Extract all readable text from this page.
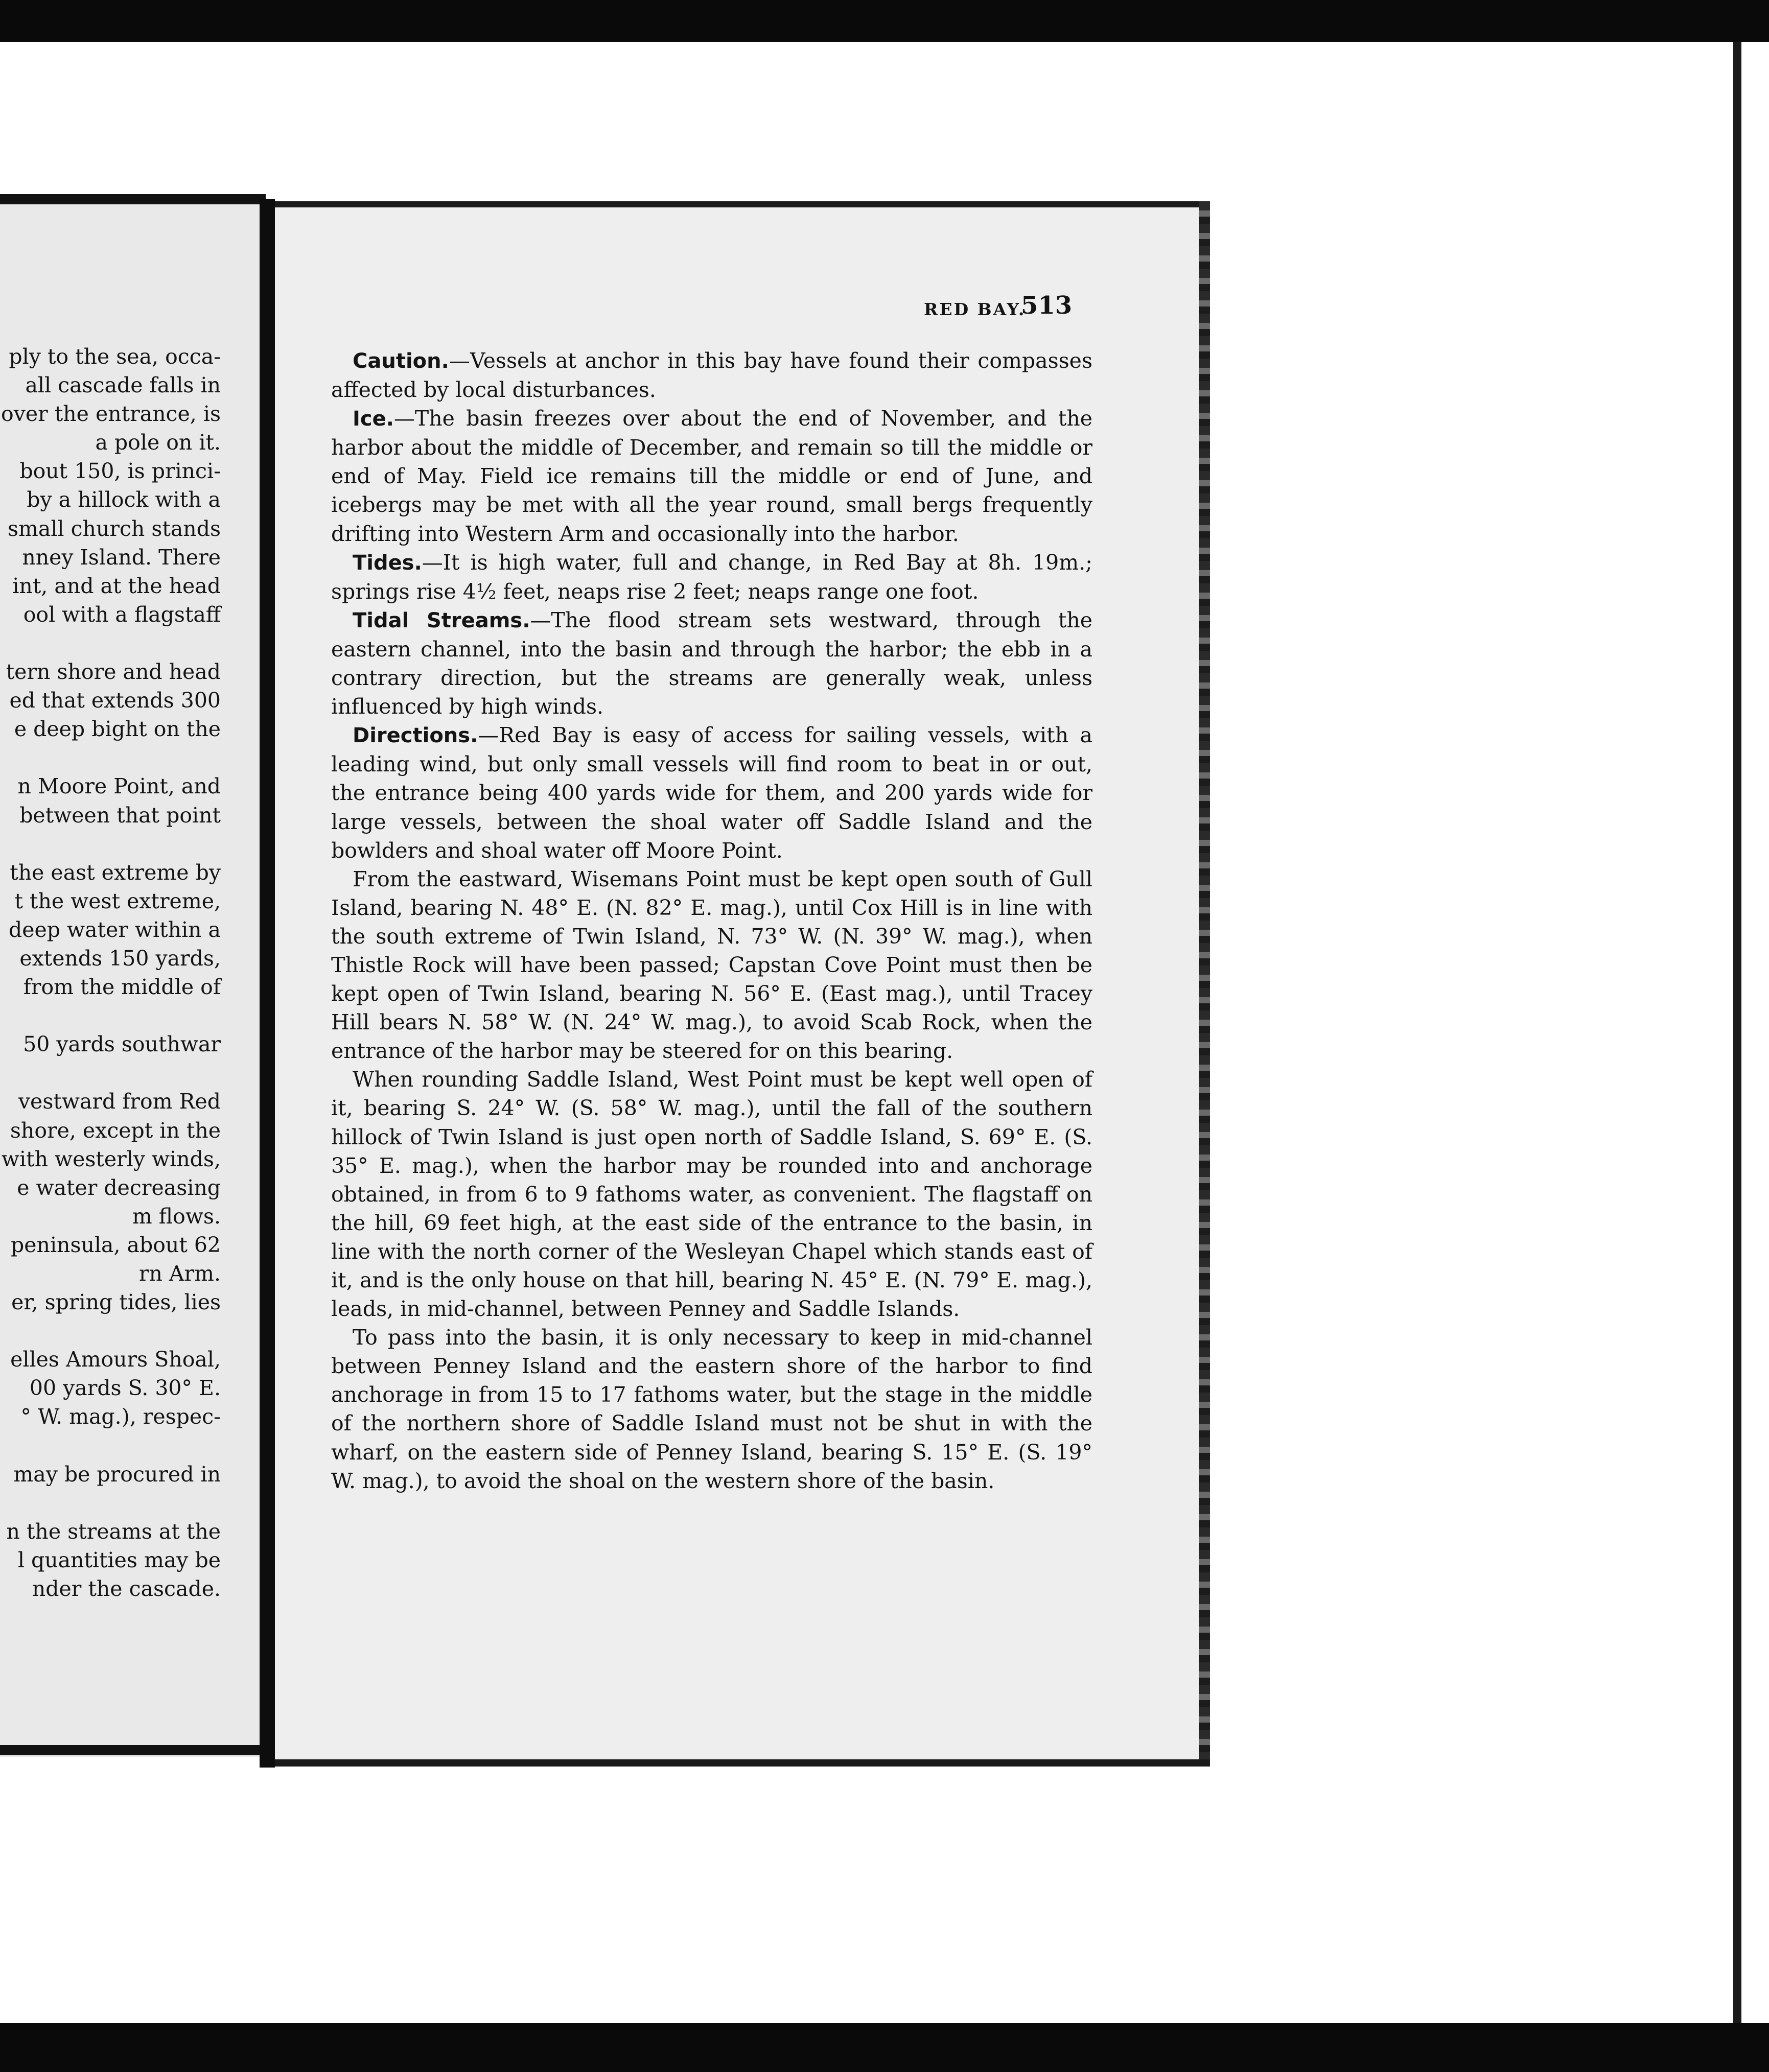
ply to the sea, occa-
all cascade falls in
over the entrance, is
a pole on it.
bout 150, is princi-
by a hillock with a
small church stands
nney Island. There
int, and at the head
ool with a flagstaff
tern shore and head
ed that extends 300
e deep bight on the
n Moore Point, and
between that point
the east extreme by
t the west extreme,
deep water within a
extends 150 yards,
from the middle of
50 yards southwar
vestward from Red
shore, except in the
with westerly winds,
e water decreasing
m flows.
peninsula, about 62
rn Arm.
er, spring tides, lies
elles Amours Shoal,
00 yards S. 30° E.
° W. mag.), respec-
may be procured in
n the streams at the
l quantities may be
nder the cascade.
RED BAY.
513

Caution.—Vessels at anchor in this bay have found their compasses affected by local disturbances.

Ice.—The basin freezes over about the end of November, and the harbor about the middle of December, and remain so till the middle or end of May. Field ice remains till the middle or end of June, and icebergs may be met with all the year round, small bergs frequently drifting into Western Arm and occasionally into the harbor.

Tides.—It is high water, full and change, in Red Bay at 8h. 19m.; springs rise 4½ feet, neaps rise 2 feet; neaps range one foot.

Tidal Streams.—The flood stream sets westward, through the eastern channel, into the basin and through the harbor; the ebb in a contrary direction, but the streams are generally weak, unless influenced by high winds.

Directions.—Red Bay is easy of access for sailing vessels, with a leading wind, but only small vessels will find room to beat in or out, the entrance being 400 yards wide for them, and 200 yards wide for large vessels, between the shoal water off Saddle Island and the bowlders and shoal water off Moore Point.

From the eastward, Wisemans Point must be kept open south of Gull Island, bearing N. 48° E. (N. 82° E. mag.), until Cox Hill is in line with the south extreme of Twin Island, N. 73° W. (N. 39° W. mag.), when Thistle Rock will have been passed; Capstan Cove Point must then be kept open of Twin Island, bearing N. 56° E. (East mag.), until Tracey Hill bears N. 58° W. (N. 24° W. mag.), to avoid Scab Rock, when the entrance of the harbor may be steered for on this bearing.

When rounding Saddle Island, West Point must be kept well open of it, bearing S. 24° W. (S. 58° W. mag.), until the fall of the southern hillock of Twin Island is just open north of Saddle Island, S. 69° E. (S. 35° E. mag.), when the harbor may be rounded into and anchorage obtained, in from 6 to 9 fathoms water, as convenient. The flagstaff on the hill, 69 feet high, at the east side of the entrance to the basin, in line with the north corner of the Wesleyan Chapel which stands east of it, and is the only house on that hill, bearing N. 45° E. (N. 79° E. mag.), leads, in mid-channel, between Penney and Saddle Islands.

To pass into the basin, it is only necessary to keep in mid-channel between Penney Island and the eastern shore of the harbor to find anchorage in from 15 to 17 fathoms water, but the stage in the middle of the northern shore of Saddle Island must not be shut in with the wharf, on the eastern side of Penney Island, bearing S. 15° E. (S. 19° W. mag.), to avoid the shoal on the western shore of the basin.
